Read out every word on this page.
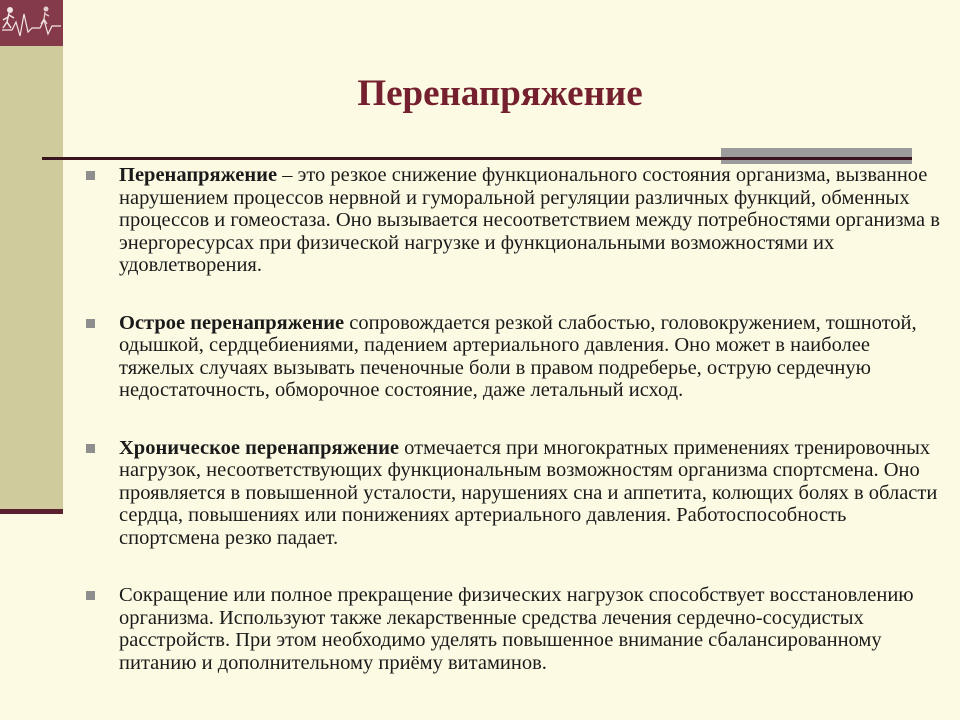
Перенапряжение
Перенапряжение – это резкое снижение функционального состояния организма, вызванное нарушением процессов нервной и гуморальной регуляции различных функций, обменных процессов и гомеостаза. Оно вызывается несоответствием между потребностями организма в энергоресурсах при физической нагрузке и функциональными возможностями их удовлетворения.
Острое перенапряжение сопровождается резкой слабостью, головокружением, тошнотой, одышкой, сердцебиениями, падением артериального давления. Оно может в наиболее тяжелых случаях вызывать печеночные боли в правом подреберье, острую сердечную недостаточность, обморочное состояние, даже летальный исход.
Хроническое перенапряжение отмечается при многократных применениях тренировочных нагрузок, несоответствующих функциональным возможностям организма спортсмена. Оно проявляется в повышенной усталости, нарушениях сна и аппетита, колющих болях в области сердца, повышениях или понижениях артериального давления. Работоспособность спортсмена резко падает.
Сокращение или полное прекращение физических нагрузок способствует восстановлению организма. Используют также лекарственные средства лечения сердечно-сосудистых расстройств. При этом необходимо уделять повышенное внимание сбалансированному питанию и дополнительному приёму витаминов.
